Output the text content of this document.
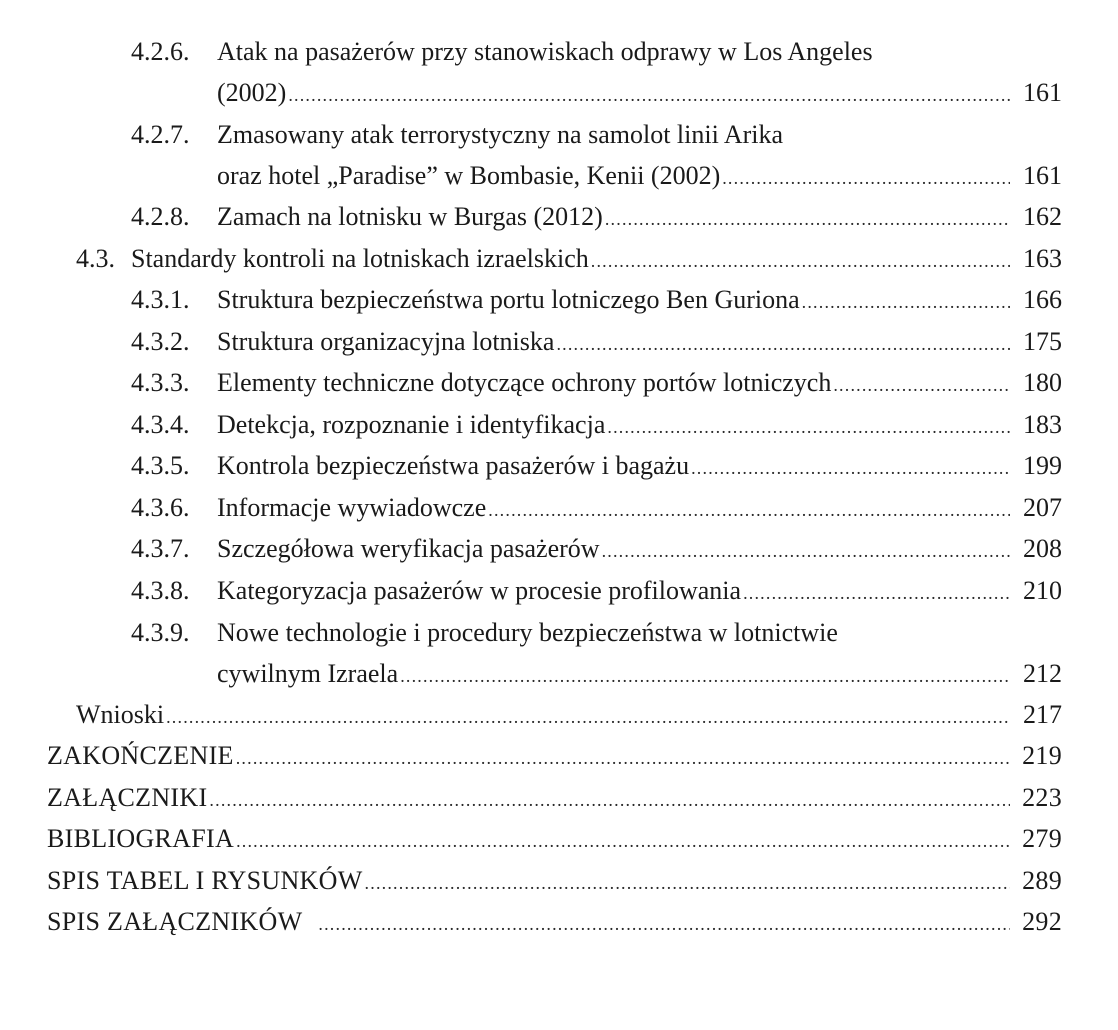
4.2.6. Atak na pasażerów przy stanowiskach odprawy w Los Angeles
(2002) .....	161
4.2.7. Zmasowany atak terrorystyczny na samolot linii Arika
oraz hotel „Paradise” w Bombasie, Kenii (2002) .....	161
4.2.8.	Zamach na lotnisku w Burgas (2012) .....	162
4.3. Standardy kontroli na lotniskach izraelskich .....	163
4.3.1.	Struktura bezpieczeństwa portu lotniczego Ben Guriona .....	166
4.3.2.	Struktura organizacyjna lotniska .....	175
4.3.3.	Elementy techniczne dotyczące ochrony portów lotniczych .....	180
4.3.4.	Detekcja, rozpoznanie i identyfikacja .....	183
4.3.5.	Kontrola bezpieczeństwa pasażerów i bagażu .....	199
4.3.6.	Informacje wywiadowcze .....	207
4.3.7.	Szczegółowa weryfikacja pasażerów .....	208
4.3.8.	Kategoryzacja pasażerów w procesie profilowania .....	210
4.3.9. Nowe technologie i procedury bezpieczeństwa w lotnictwie
cywilnym Izraela .....	212
Wnioski .....	217
ZAKOŃCZENIE .....	219
ZAŁĄCZNIKI .....	223
BIBLIOGRAFIA .....	279
SPIS TABEL I RYSUNKÓW .....	289
SPIS ZAŁĄCZNIKÓW .....	292
